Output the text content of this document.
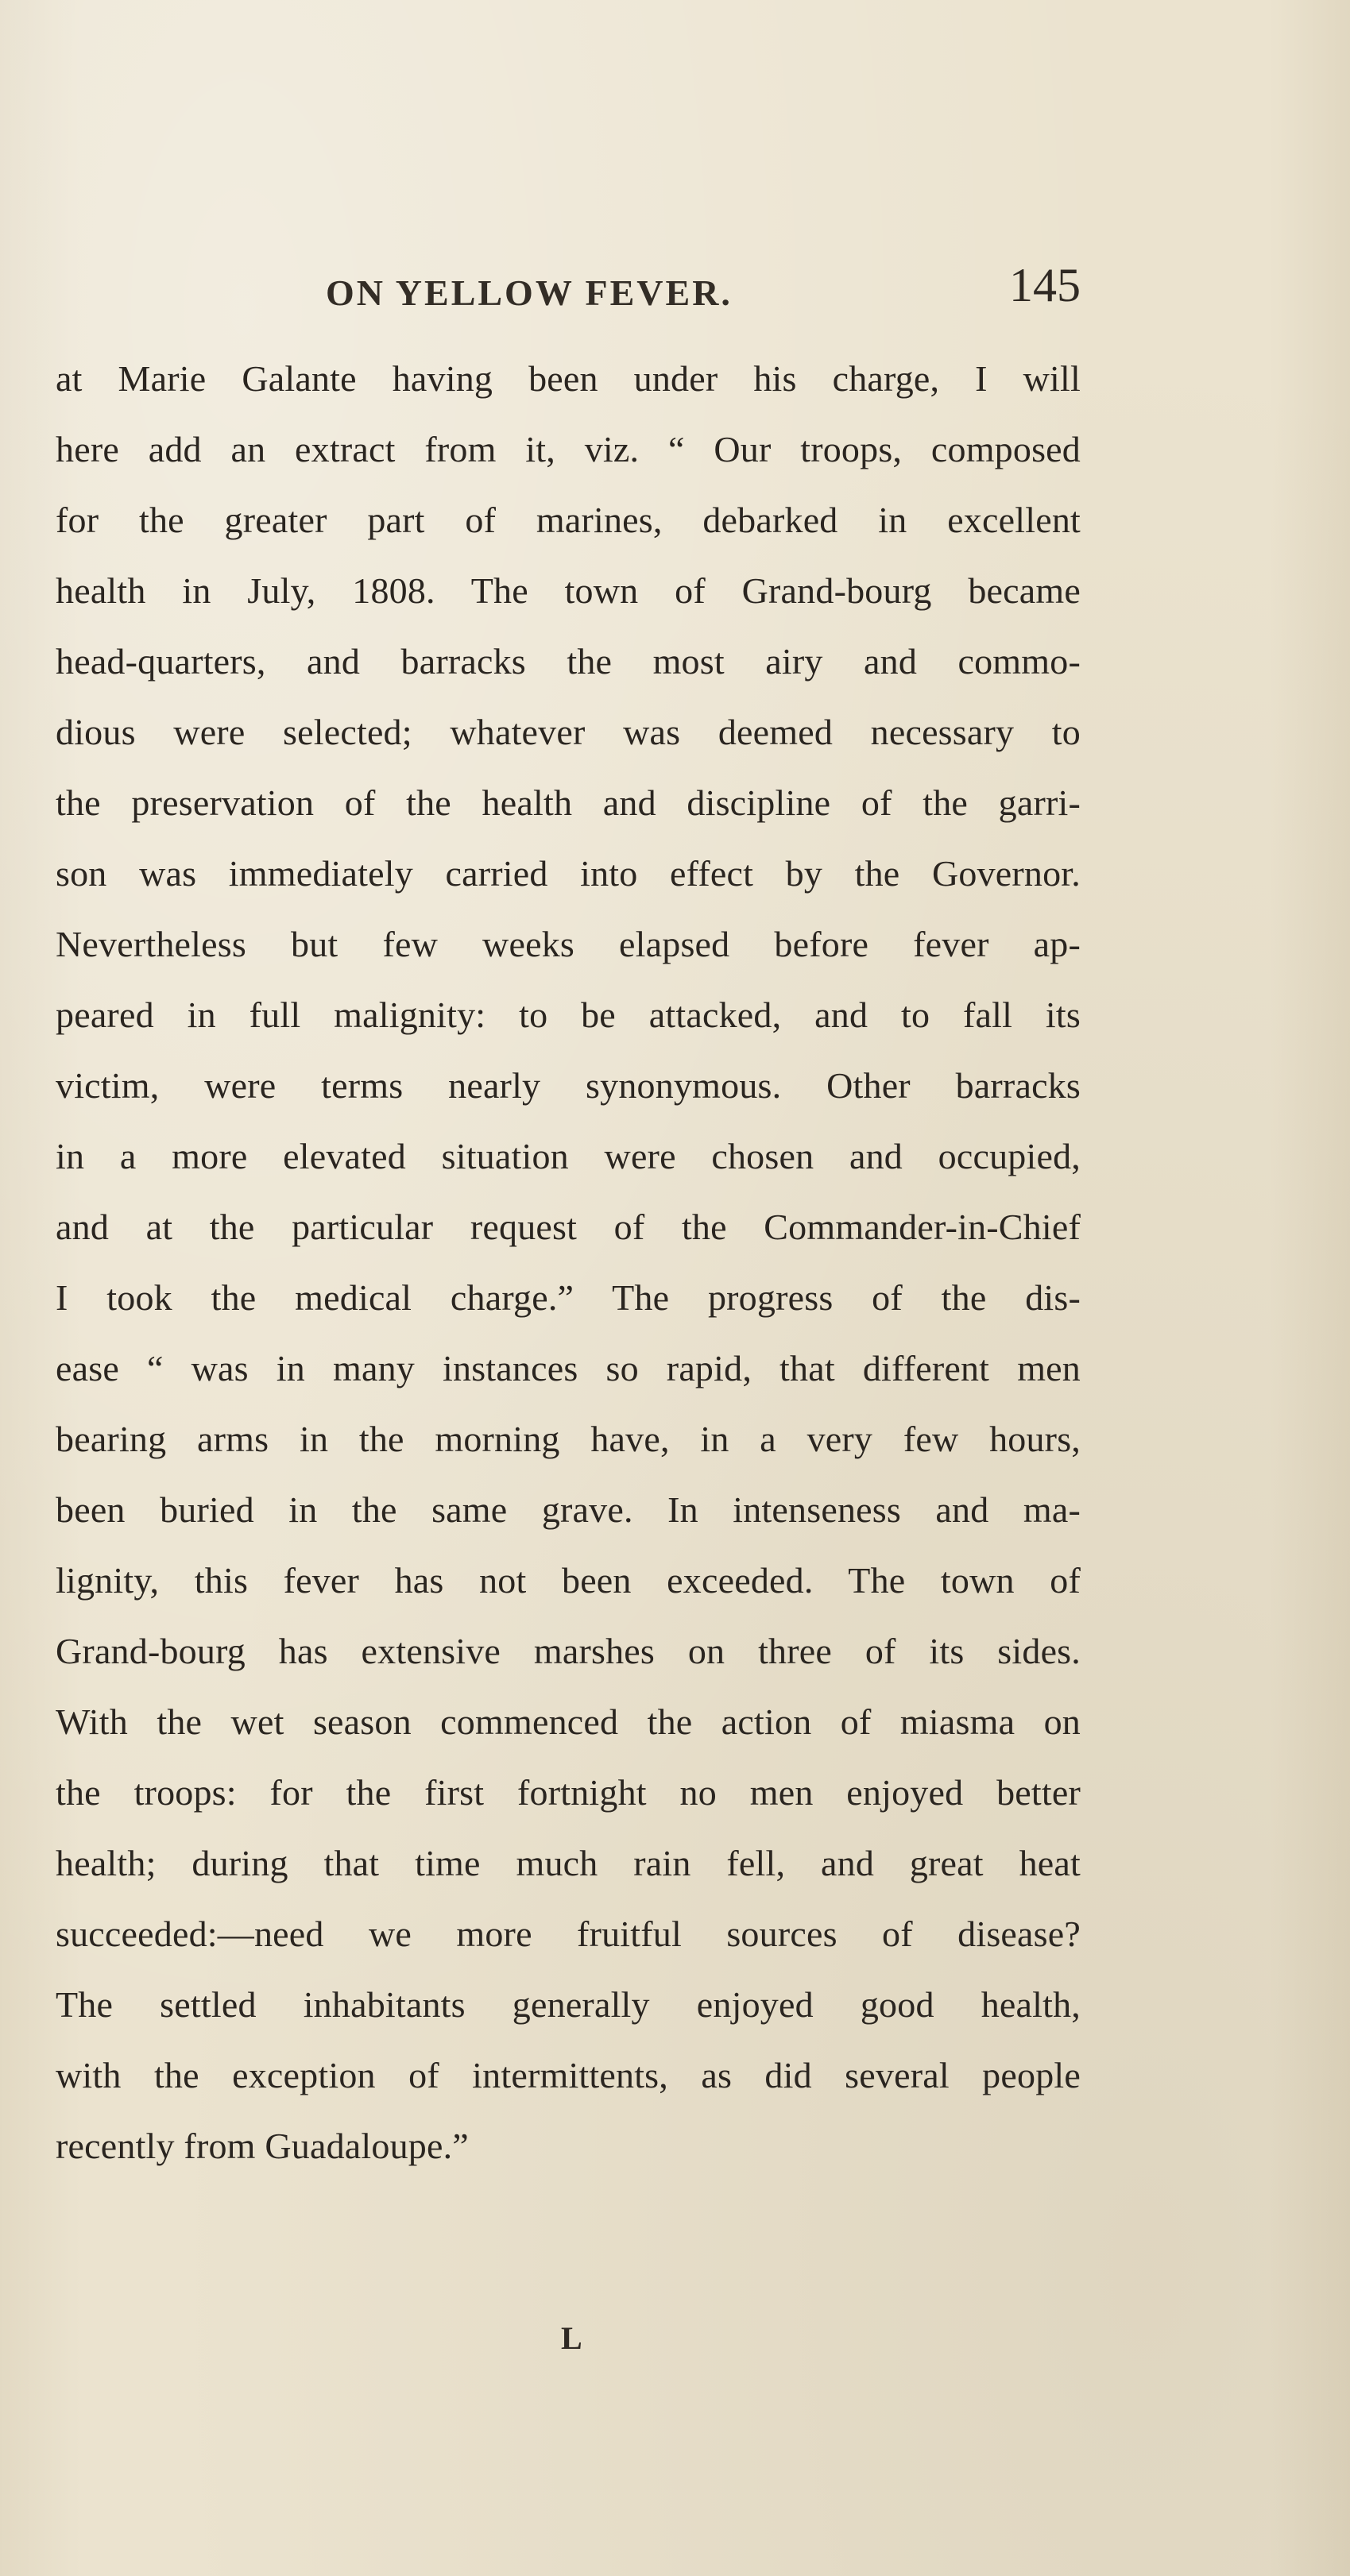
ON YELLOW FEVER.	145
at Marie Galante having been under his charge, I will
here add an extract from it, viz. “ Our troops, composed
for the greater part of marines, debarked in excellent
health in July, 1808. The town of Grand-bourg became
head-quarters, and barracks the most airy and commo-
dious were selected; whatever was deemed necessary to
the preservation of the health and discipline of the garri-
son was immediately carried into effect by the Governor.
Nevertheless but few weeks elapsed before fever ap-
peared in full malignity: to be attacked, and to fall its
victim, were terms nearly synonymous. Other barracks
in a more elevated situation were chosen and occupied,
and at the particular request of the Commander-in-Chief
I took the medical charge.” The progress of the dis-
ease “ was in many instances so rapid, that different men
bearing arms in the morning have, in a very few hours,
been buried in the same grave. In intenseness and ma-
lignity, this fever has not been exceeded. The town of
Grand-bourg has extensive marshes on three of its sides.
With the wet season commenced the action of miasma on
the troops: for the first fortnight no men enjoyed better
health; during that time much rain fell, and great heat
succeeded:—need we more fruitful sources of disease?
The settled inhabitants generally enjoyed good health,
with the exception of intermittents, as did several people
recently from Guadaloupe.”
L
